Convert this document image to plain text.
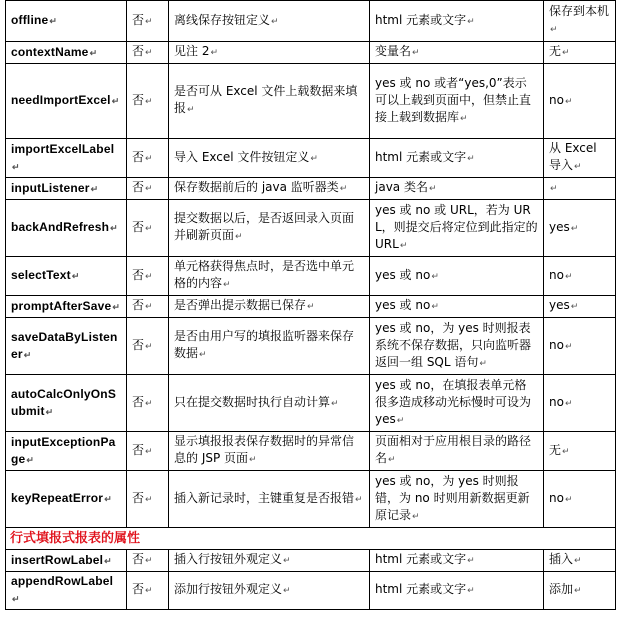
offline↵	否↵	离线保存按钮定义↵	html 元素或文字↵	保存到本机↵
contextName↵	否↵	见注 2↵	变量名↵	无↵
needImportExcel↵	否↵	是否可从 Excel 文件上载数据来填报↵	yes 或 no 或者“yes,0”表示可以上载到页面中，但禁止直接上载到数据库↵	no↵
importExcelLabel↵	否↵	导入 Excel 文件按钮定义↵	html 元素或文字↵	从 Excel 导入↵
inputListener↵	否↵	保存数据前后的 java 监听器类↵	java 类名↵	↵
backAndRefresh↵	否↵	提交数据以后，是否返回录入页面并刷新页面↵	yes 或 no 或 URL，若为 URL，则提交后将定位到此指定的 URL↵	yes↵
selectText↵	否↵	单元格获得焦点时，是否选中单元格的内容↵	yes 或 no↵	no↵
promptAfterSave↵	否↵	是否弹出提示数据已保存↵	yes 或 no↵	yes↵
saveDataByListener↵	否↵	是否由用户写的填报监听器来保存数据↵	yes 或 no，为 yes 时则报表系统不保存数据，只向监听器返回一组 SQL 语句↵	no↵
autoCalcOnlyOnSubmit↵	否↵	只在提交数据时执行自动计算↵	yes 或 no，在填报表单元格很多造成移动光标慢时可设为 yes↵	no↵
inputExceptionPage↵	否↵	显示填报报表保存数据时的异常信息的 JSP 页面↵	页面相对于应用根目录的路径名↵	无↵
keyRepeatError↵	否↵	插入新记录时，主键重复是否报错↵	yes 或 no，为 yes 时则报错，为 no 时则用新数据更新原记录↵	no↵
行式填报式报表的属性				
insertRowLabel↵	否↵	插入行按钮外观定义↵	html 元素或文字↵	插入↵
appendRowLabel↵	否↵	添加行按钮外观定义↵	html 元素或文字↵	添加↵
